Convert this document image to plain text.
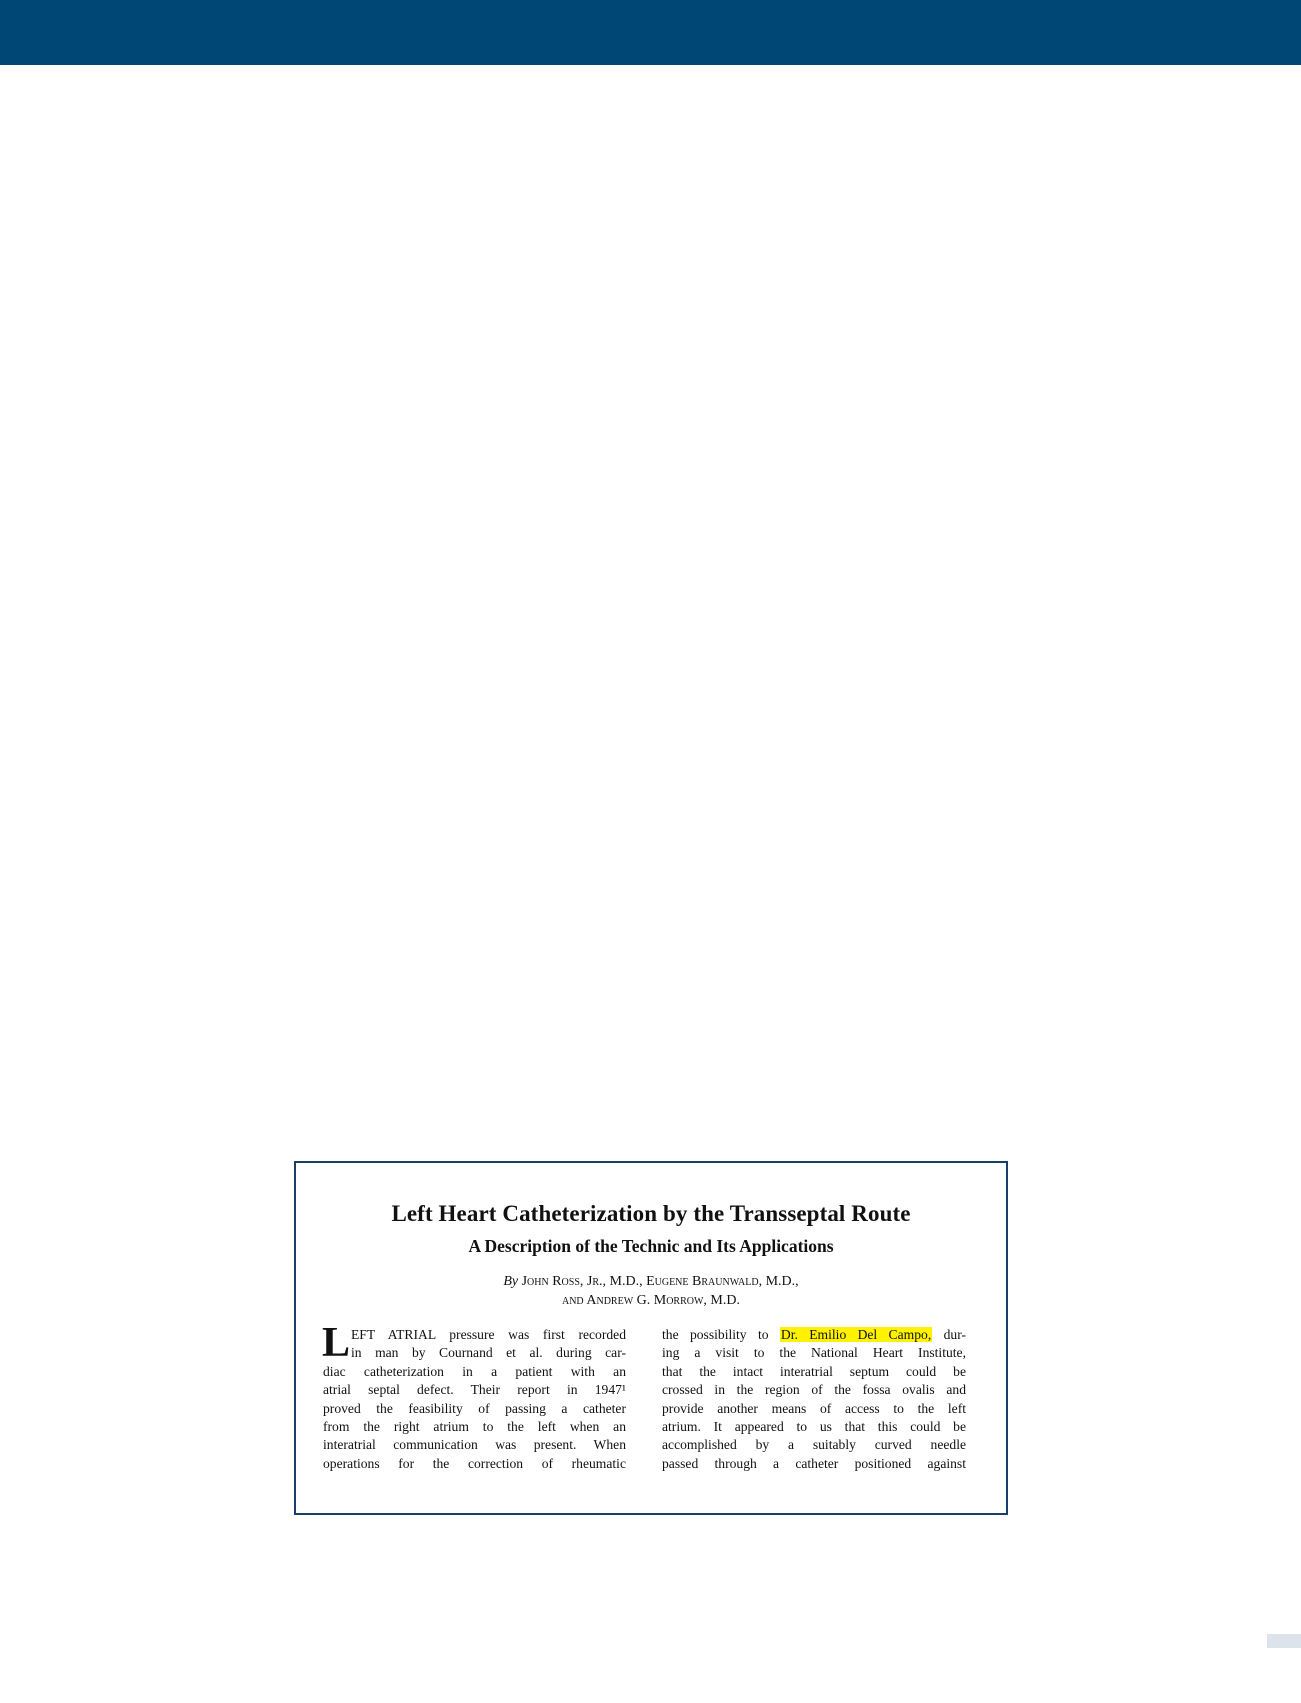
Left Heart Catheterization by the Transseptal Route
A Description of the Technic and Its Applications
By John Ross, Jr., M.D., Eugene Braunwald, M.D.,
and Andrew G. Morrow, M.D.
L EFT ATRIAL pressure was first recorded
in man by Cournand et al. during car-
diac catheterization in a patient with an
atrial septal defect. Their report in 1947¹
proved the feasibility of passing a catheter
from the right atrium to the left when an
interatrial communication was present. When
operations for the correction of rheumatic
the possibility to Dr. Emilio Del Campo, dur-
ing a visit to the National Heart Institute,
that the intact interatrial septum could be
crossed in the region of the fossa ovalis and
provide another means of access to the left
atrium. It appeared to us that this could be
accomplished by a suitably curved needle
passed through a catheter positioned against
